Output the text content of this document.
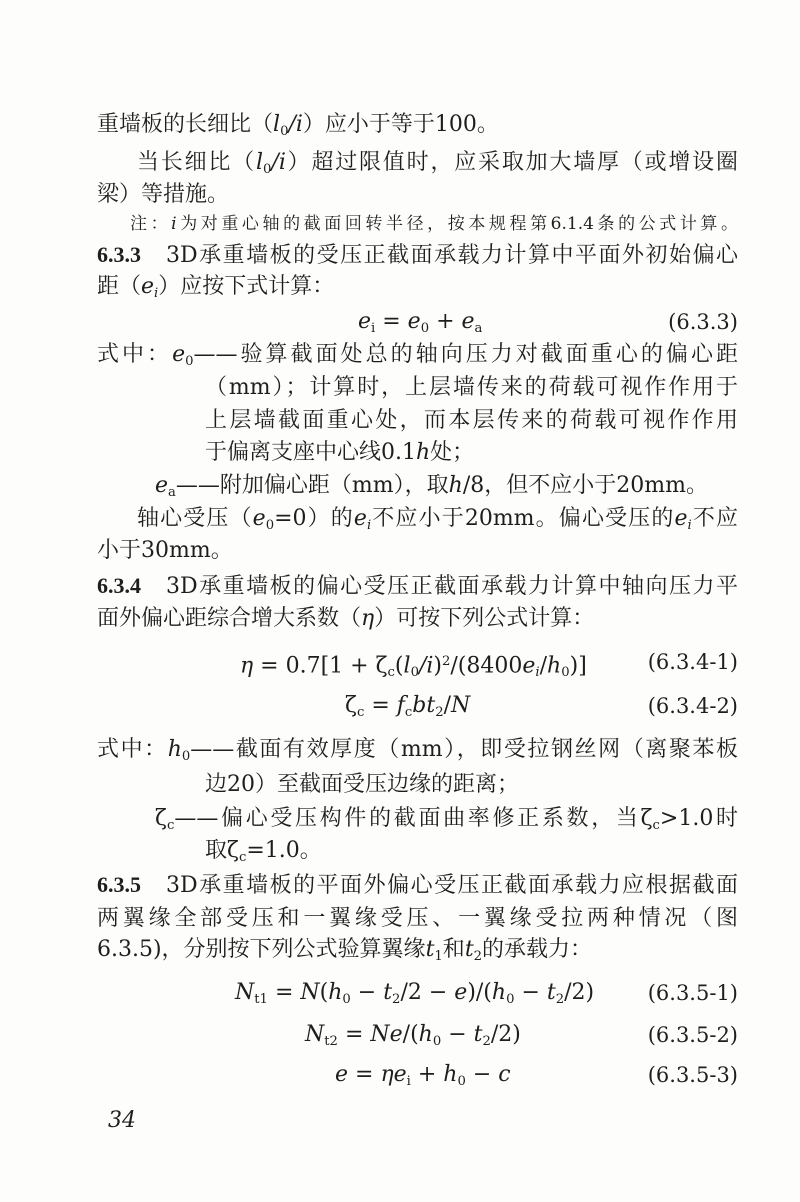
重墙板的长细比（l0/i）应小于等于100。
当长细比（l0/i）超过限值时，应采取加大墙厚（或增设圈
梁）等措施。
注：i为对重心轴的截面回转半径，按本规程第6.1.4条的公式计算。
6.3.3　3D承重墙板的受压正截面承载力计算中平面外初始偏心
距$(e_i)$应按下式计算：
ei = e0 + ea	(6.3.3)
式中：e0——验算截面处总的轴向压力对截面重心的偏心距
（mm）；计算时，上层墙传来的荷载可视作作用于
上层墙截面重心处，而本层传来的荷载可视作作用
于偏离支座中心线0.1h处；
ea——附加偏心距（mm），取h/8，但不应小于20mm。
轴心受压（e0=0）的$e_i$不应小于20mm。偏心受压的$e_i$不应
小于30mm。
6.3.4　3D承重墙板的偏心受压正截面承载力计算中轴向压力平
面外偏心距综合增大系数（η）可按下列公式计算：
$\eta = 0.7[1 + \zeta c(l0/i)^2/(8400e_i/h0)]$	(6.3.4-1)
ζc = fcbt2/N	(6.3.4-2)
式中：h0——截面有效厚度（mm），即受拉钢丝网（离聚苯板
边20）至截面受压边缘的距离；
ζc——偏心受压构件的截面曲率修正系数，当ζc>1.0时
取ζc=1.0。
6.3.5　3D承重墙板的平面外偏心受压正截面承载力应根据截面
两翼缘全部受压和一翼缘受压、一翼缘受拉两种情况（图
6.3.5)，分别按下列公式验算翼缘t1和t2的承载力：
Nt1 = N(h0 − t2/2 − e)/(h0 − t2/2)	(6.3.5-1)
Nt2 = Ne/(h0 − t2/2)	(6.3.5-2)
e = ηei + h0 − c	(6.3.5-3)
34
